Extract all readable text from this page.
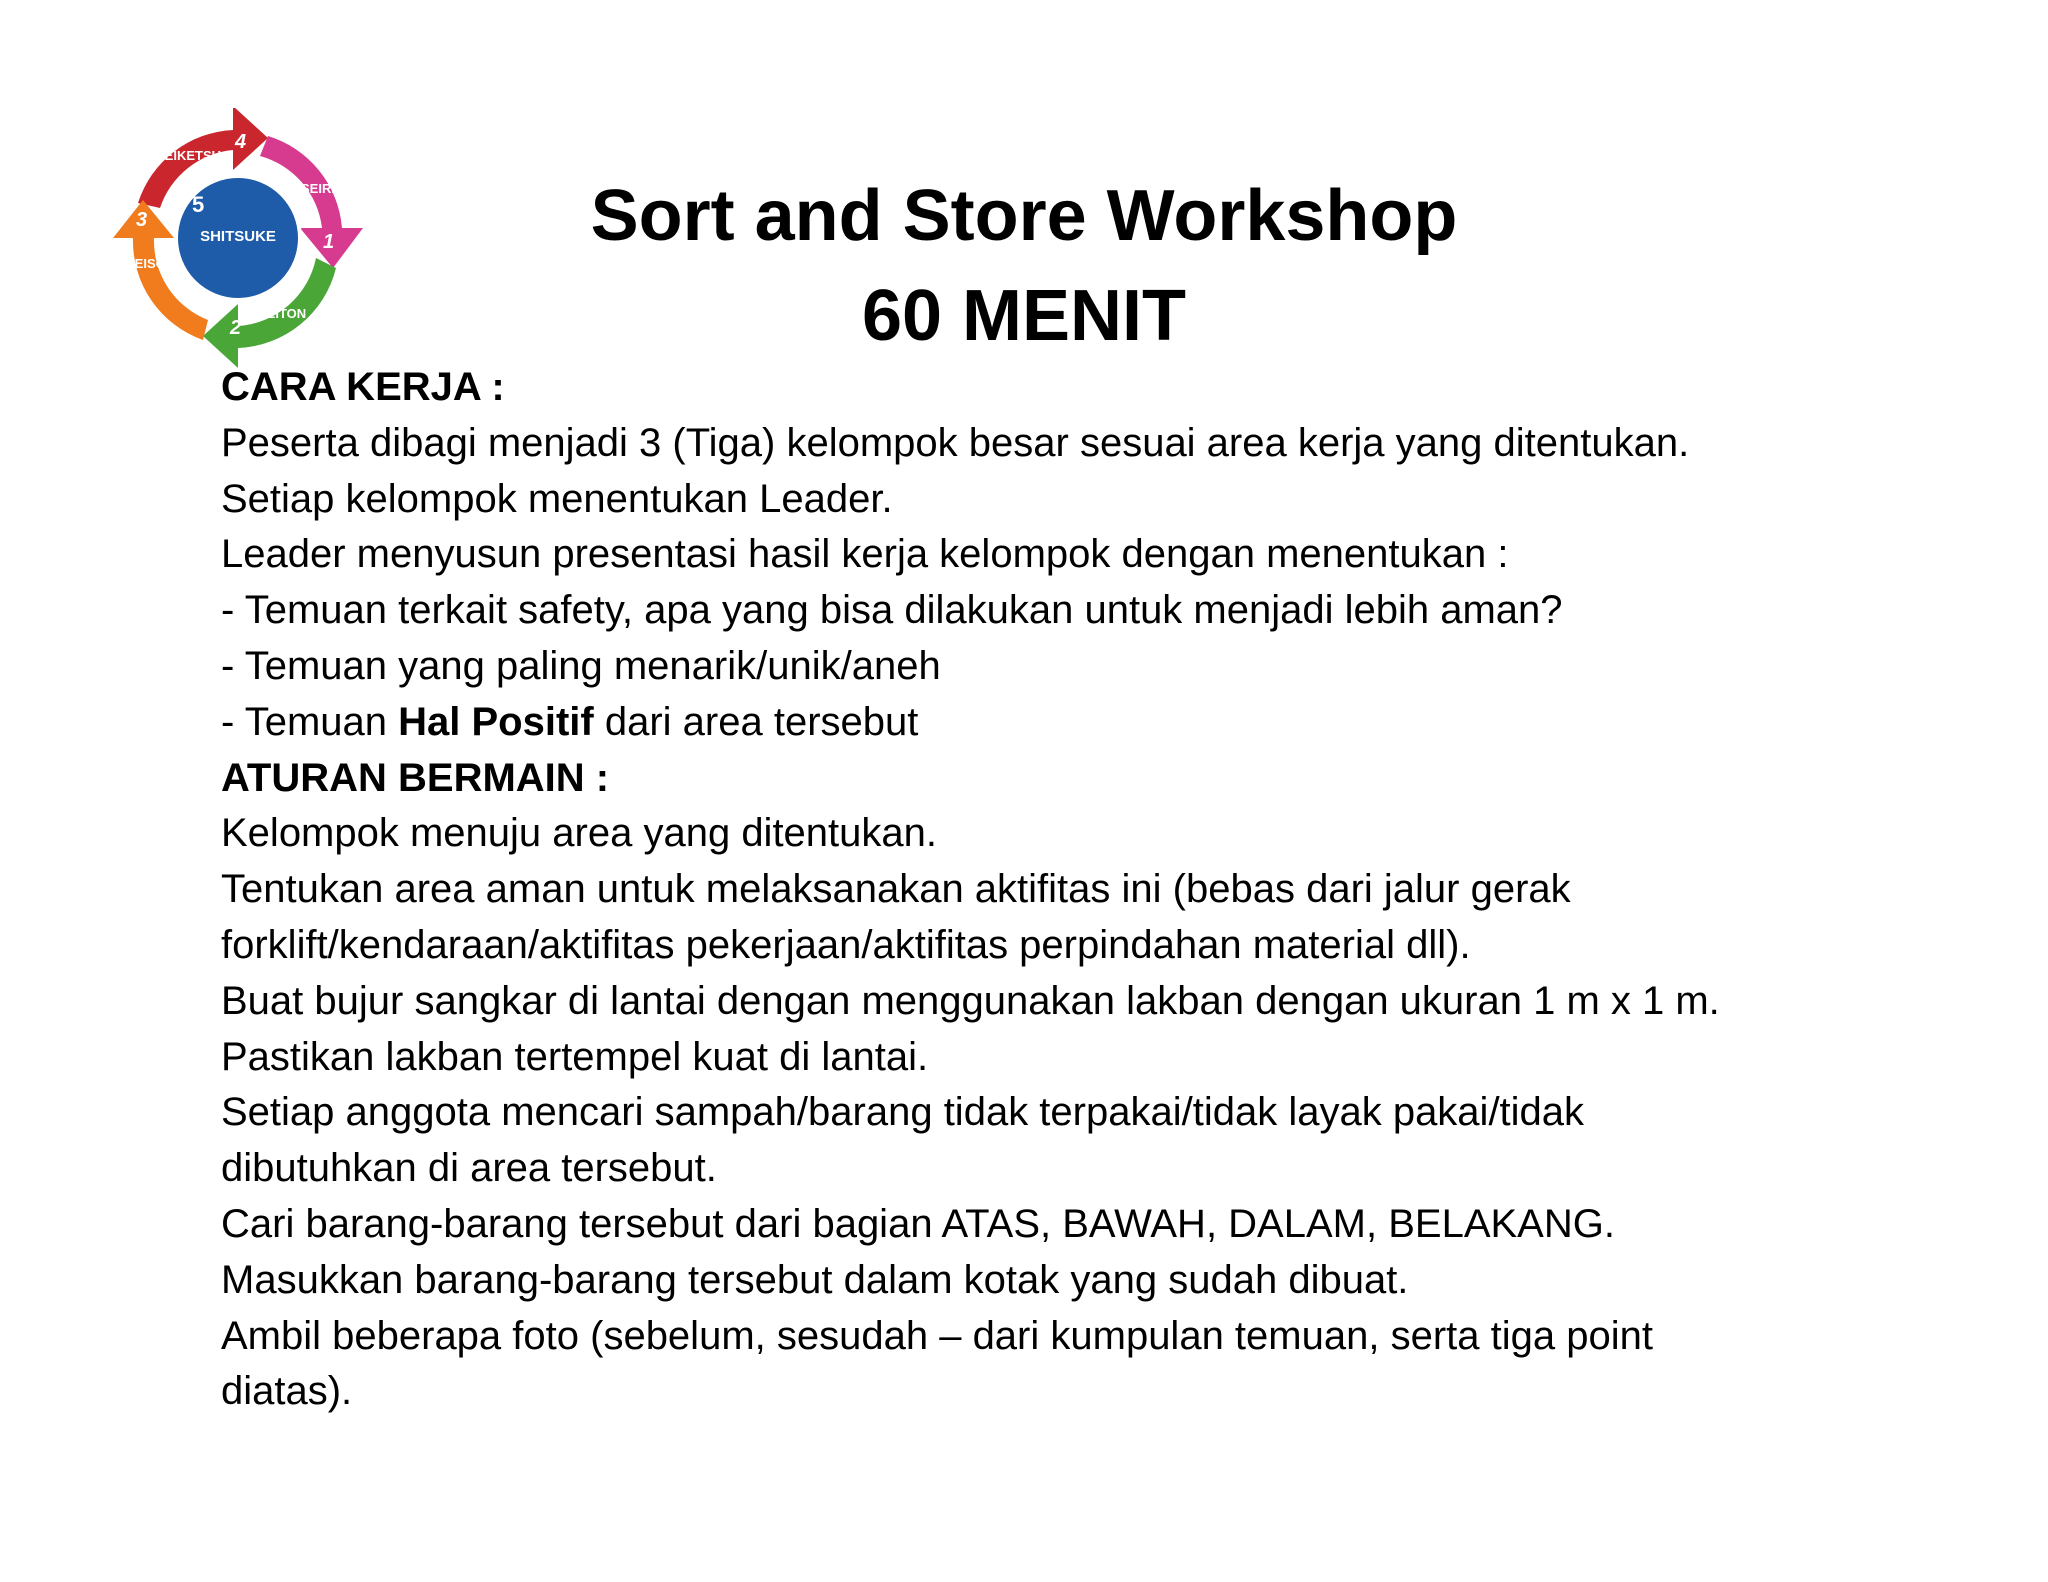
5
SHITSUKE
SEIKETSU
4
SEIRI
1
SEITON
2
SEISO
3	Sort and Store Workshop
60 MENIT

CARA KERJA :

Peserta dibagi menjadi 3 (Tiga) kelompok besar sesuai area kerja yang ditentukan.

Setiap kelompok menentukan Leader.

Leader menyusun presentasi hasil kerja kelompok dengan menentukan :

- Temuan terkait safety, apa yang bisa dilakukan untuk menjadi lebih aman?

- Temuan yang paling menarik/unik/aneh

- Temuan Hal Positif dari area tersebut

ATURAN BERMAIN :

Kelompok menuju area yang ditentukan.

Tentukan area aman untuk melaksanakan aktifitas ini (bebas dari jalur gerak

forklift/kendaraan/aktifitas pekerjaan/aktifitas perpindahan material dll).

Buat bujur sangkar di lantai dengan menggunakan lakban dengan ukuran 1 m x 1 m.

Pastikan lakban tertempel kuat di lantai.

Setiap anggota mencari sampah/barang tidak terpakai/tidak layak pakai/tidak

dibutuhkan di area tersebut.

Cari barang-barang tersebut dari bagian ATAS, BAWAH, DALAM, BELAKANG.

Masukkan barang-barang tersebut dalam kotak yang sudah dibuat.

Ambil beberapa foto (sebelum, sesudah – dari kumpulan temuan, serta tiga point

diatas).
